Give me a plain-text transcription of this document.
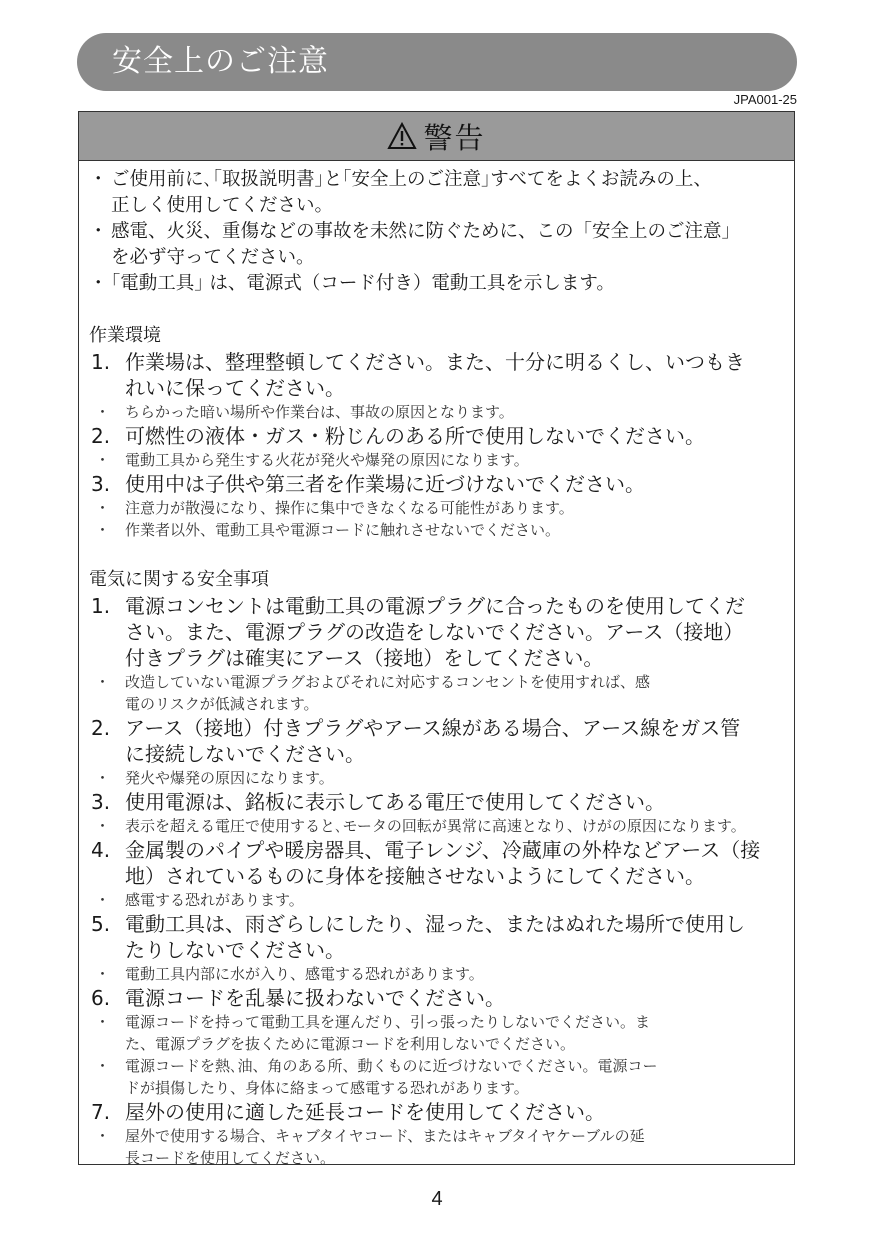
安全上のご注意
JPA001-25
警告
・ ご使用前に､｢取扱説明書｣と｢安全上のご注意｣すべてをよくお読みの上、
正しく使用してください。
・ 感電、火災、重傷などの事故を未然に防ぐために、この「安全上のご注意」
を必ず守ってください。
・ ｢電動工具｣ は、電源式（コード付き）電動工具を示します。
作業環境
1. 作業場は、整理整頓してください。また、十分に明るくし、いつもき
れいに保ってください。
・ ちらかった暗い場所や作業台は、事故の原因となります。
2. 可燃性の液体・ガス・粉じんのある所で使用しないでください。
・ 電動工具から発生する火花が発火や爆発の原因になります。
3. 使用中は子供や第三者を作業場に近づけないでください。
・ 注意力が散漫になり、操作に集中できなくなる可能性があります。
・ 作業者以外、電動工具や電源コードに触れさせないでください。
電気に関する安全事項
1. 電源コンセントは電動工具の電源プラグに合ったものを使用してくだ
さい。また、電源プラグの改造をしないでください。アース（接地）
付きプラグは確実にアース（接地）をしてください。
・ 改造していない電源プラグおよびそれに対応するコンセントを使用すれば、感
電のリスクが低減されます。
2. アース（接地）付きプラグやアース線がある場合、アース線をガス管
に接続しないでください。
・ 発火や爆発の原因になります。
3. 使用電源は、銘板に表示してある電圧で使用してください。
・ 表示を超える電圧で使用すると､モータの回転が異常に高速となり、けがの原因になります。
4. 金属製のパイプや暖房器具、電子レンジ、冷蔵庫の外枠などアース（接
地）されているものに身体を接触させないようにしてください。
・ 感電する恐れがあります。
5. 電動工具は、雨ざらしにしたり、湿った、またはぬれた場所で使用し
たりしないでください。
・ 電動工具内部に水が入り、感電する恐れがあります。
6. 電源コードを乱暴に扱わないでください。
・ 電源コードを持って電動工具を運んだり、引っ張ったりしないでください。ま
た、電源プラグを抜くために電源コードを利用しないでください。
・ 電源コードを熱､油、角のある所、動くものに近づけないでください。電源コー
ドが損傷したり、身体に絡まって感電する恐れがあります。
7. 屋外の使用に適した延長コードを使用してください。
・ 屋外で使用する場合、キャブタイヤコード、またはキャブタイヤケーブルの延
長コードを使用してください。
4
